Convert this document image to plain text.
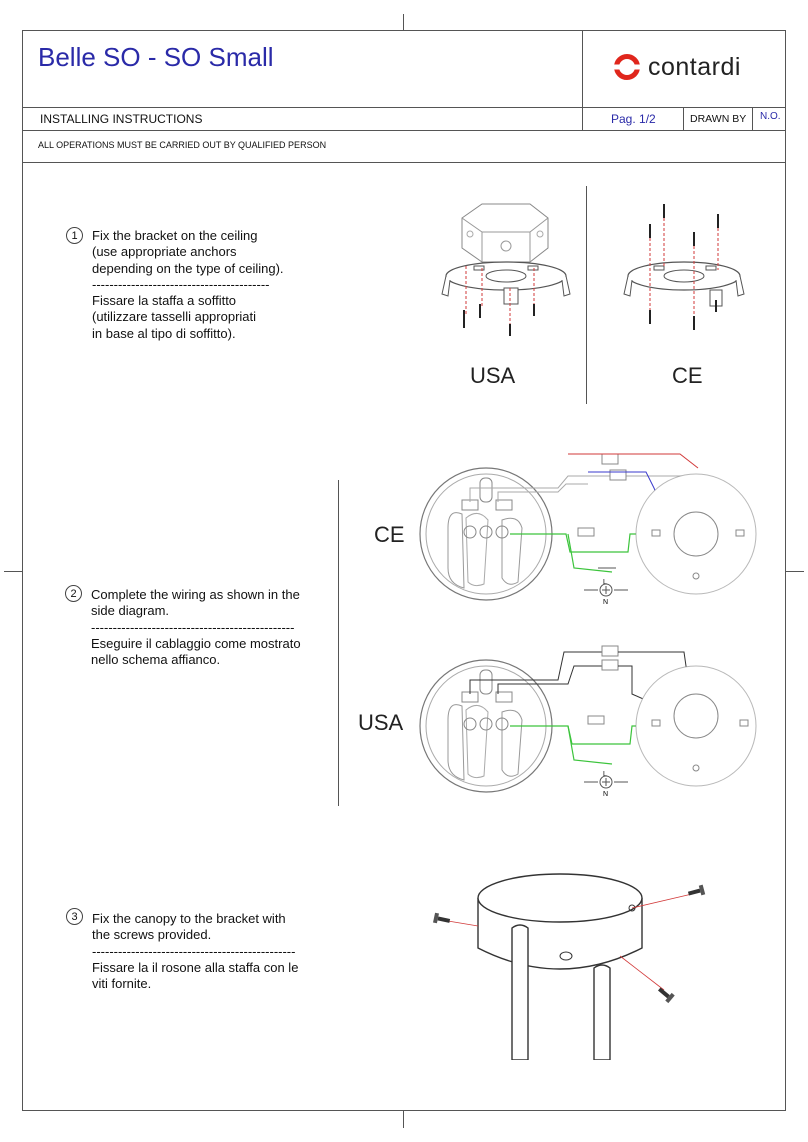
Belle SO - SO Small	contardi
INSTALLING INSTRUCTIONS	Pag. 1/2	DRAWN BY N.O.
ALL OPERATIONS MUST BE CARRIED OUT BY QUALIFIED PERSON
1	Fix the bracket on the ceiling
(use appropriate anchors
depending on the type of ceiling).
-----------------------------------------
Fissare la staffa a soffitto
(utilizzare tasselli appropriati
in base al tipo di soffitto).
USA	CE
2	Complete the wiring as shown in the
side diagram.
-----------------------------------------------
Eseguire il cablaggio come mostrato
nello schema affianco.
CE
L
N
USA
L
N
3	Fix the canopy to the bracket with
the screws provided.
-----------------------------------------------
Fissare la il rosone alla staffa con le
viti fornite.
